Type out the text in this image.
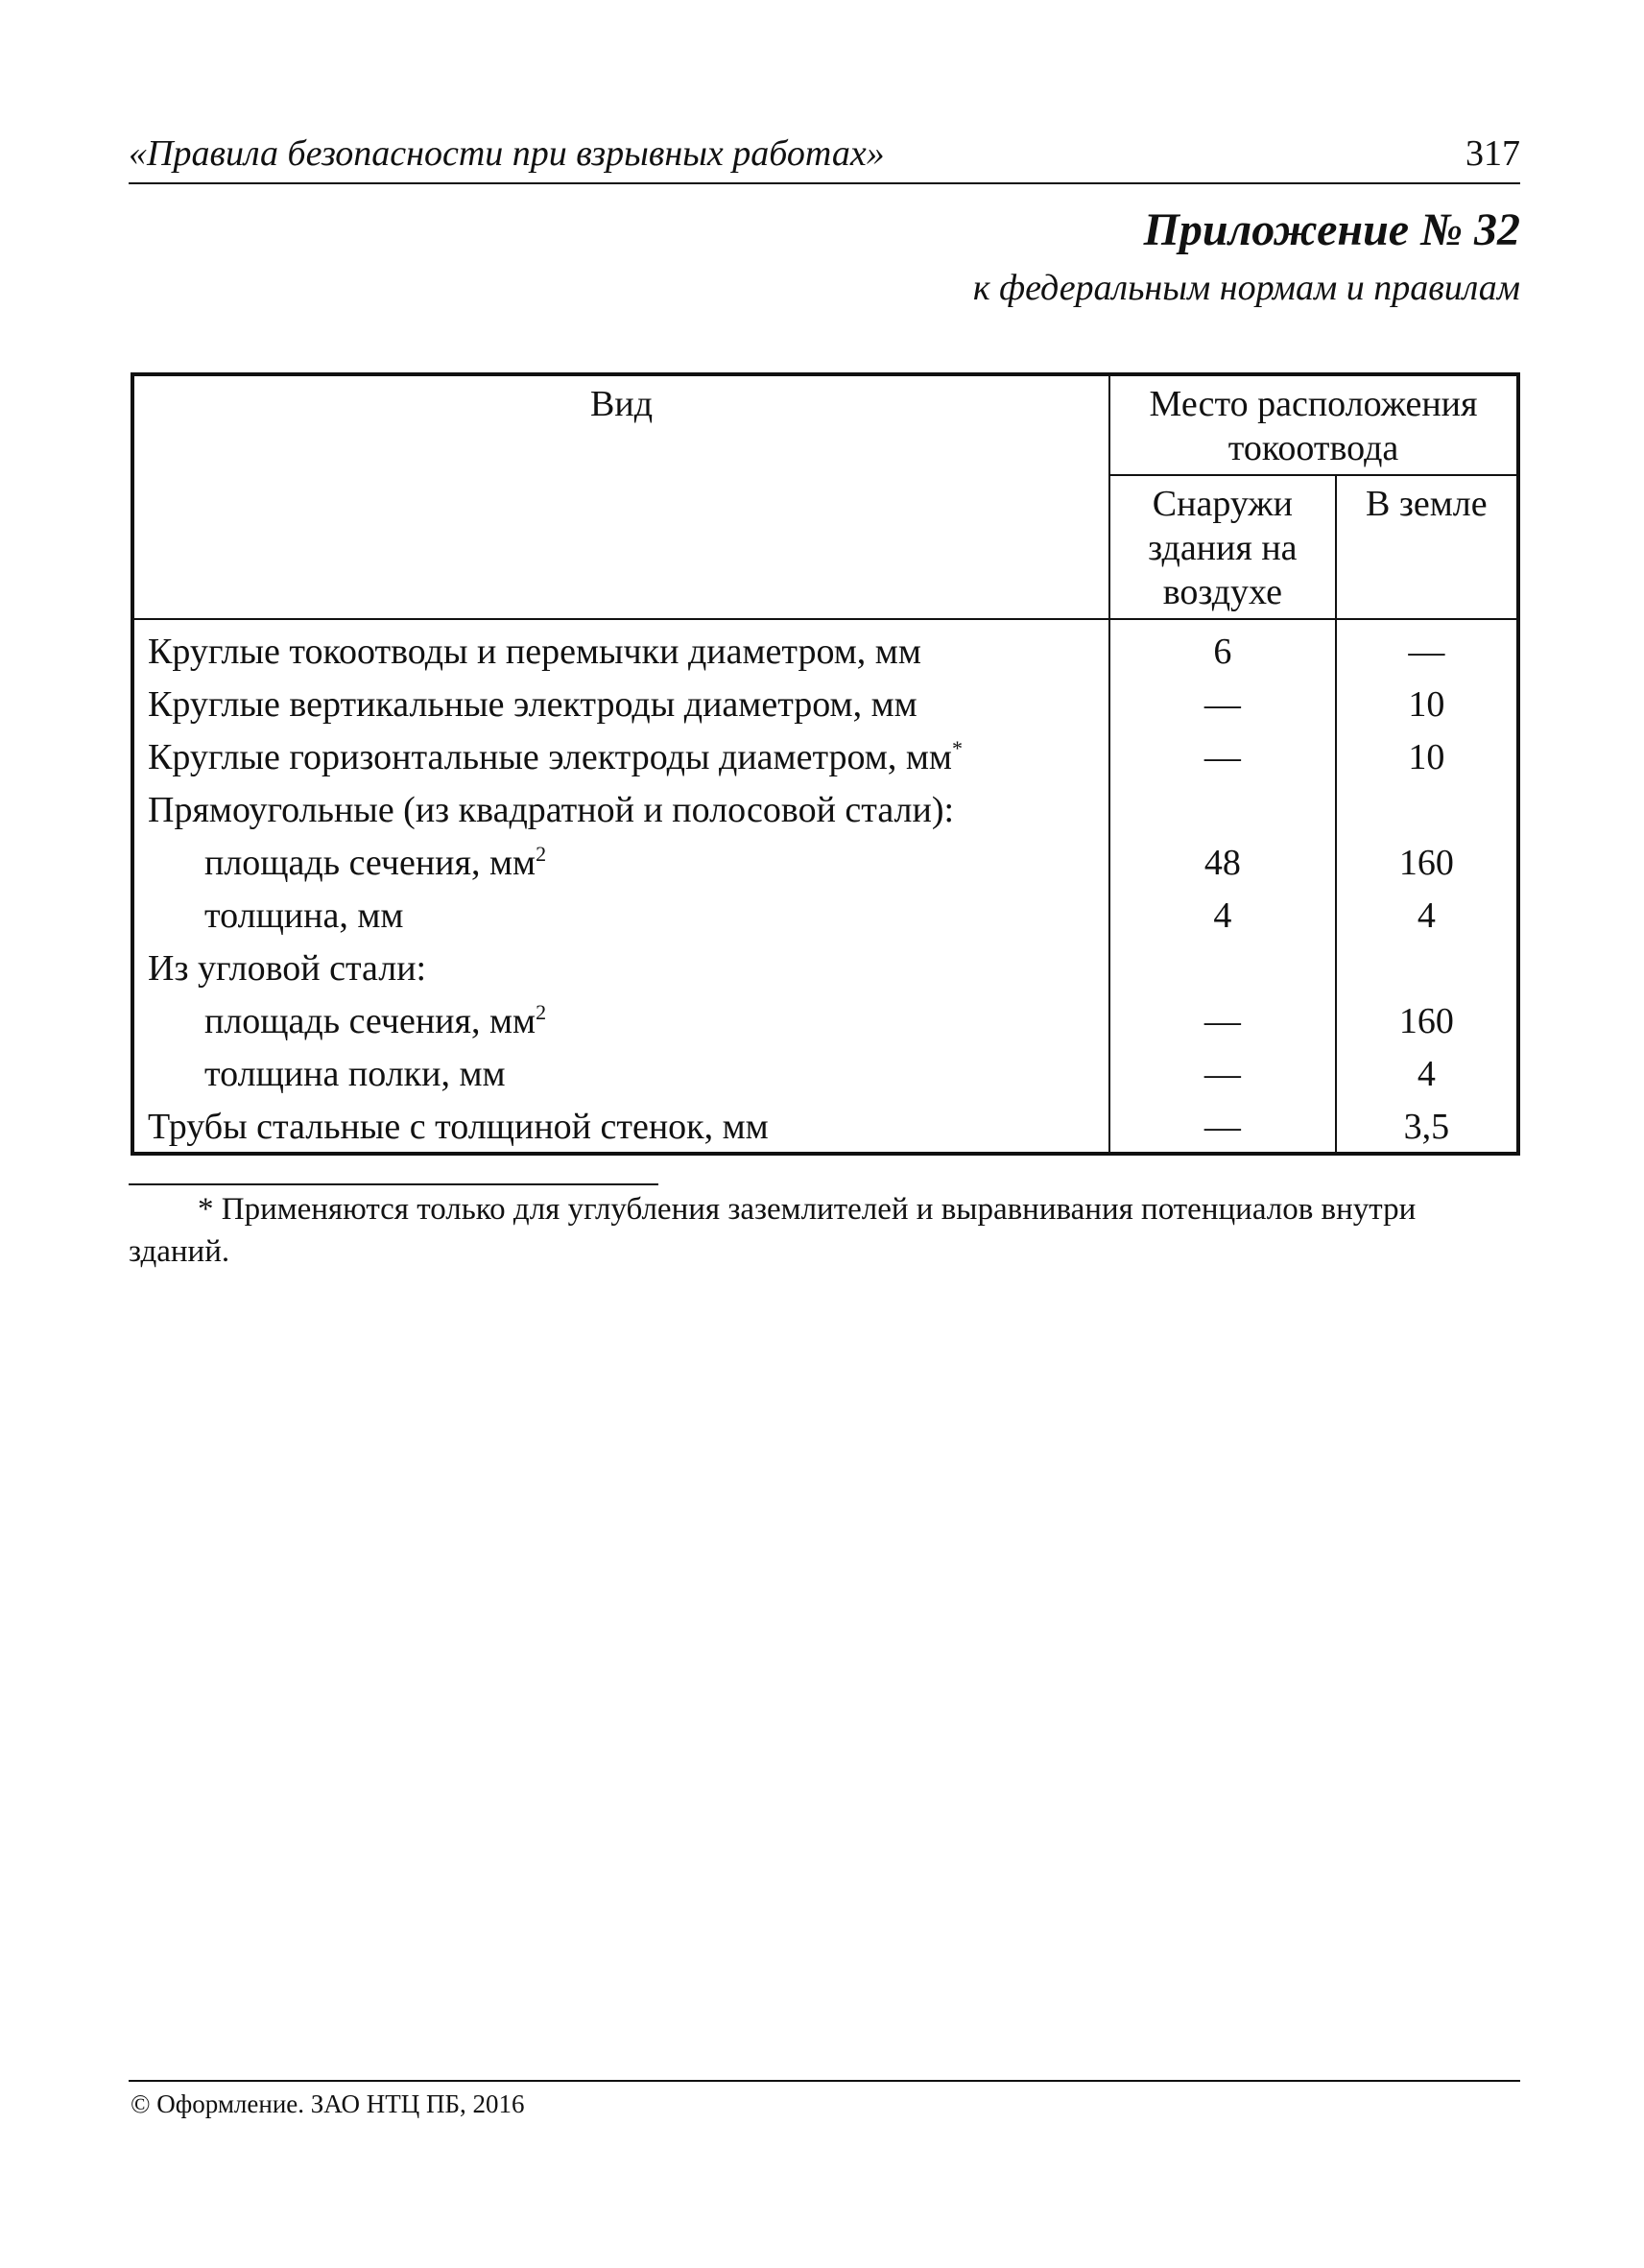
«Правила безопасности при взрывных работах»	317
Приложение № 32
к федеральным нормам и правилам
Вид	Место расположения токоотвода	
	Снаружи здания на воздухе	В земле
Круглые токоотводы и перемычки диаметром, мм	6	—
Круглые вертикальные электроды диаметром, мм	—	10
Круглые горизонтальные электроды диаметром, мм*	—	10
Прямоугольные (из квадратной и полосовой стали):		
площадь сечения, $мм^2$	48	160
толщина, мм	4	4
Из угловой стали:		
площадь сечения, $мм^2$	—	160
толщина полки, мм	—	4
Трубы стальные с толщиной стенок, мм	—	3,5
* Применяются только для углубления заземлителей и выравнивания потенциалов внутри зданий.
© Оформление. ЗАО НТЦ ПБ, 2016
